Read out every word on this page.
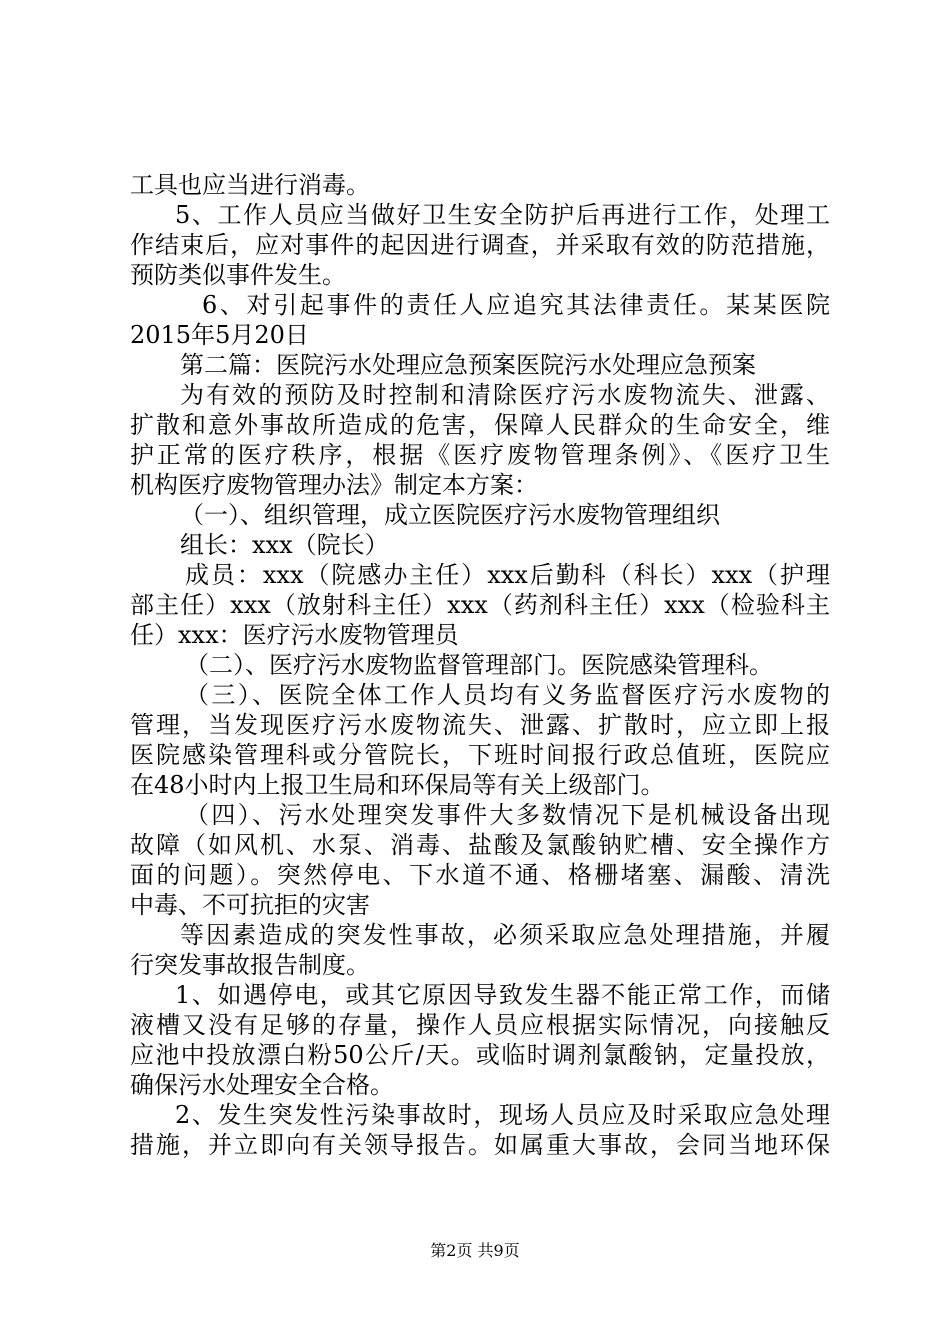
工具也应当进行消毒。
5、工作人员应当做好卫生安全防护后再进行工作，处理工
作结束后，应对事件的起因进行调查，并采取有效的防范措施，
预防类似事件发生。
6、对引起事件的责任人应追究其法律责任。某某医院
2015年5月20日
第二篇：医院污水处理应急预案医院污水处理应急预案
为有效的预防及时控制和清除医疗污水废物流失、泄露、
扩散和意外事故所造成的危害，保障人民群众的生命安全，维
护正常的医疗秩序，根据《医疗废物管理条例》、《医疗卫生
机构医疗废物管理办法》制定本方案：
（一）、组织管理，成立医院医疗污水废物管理组织
组长：xxx（院长）
成员：xxx（院感办主任）xxx后勤科（科长）xxx（护理
部主任）xxx（放射科主任）xxx（药剂科主任）xxx（检验科主
任）xxx：医疗污水废物管理员
（二）、医疗污水废物监督管理部门。医院感染管理科。
（三）、医院全体工作人员均有义务监督医疗污水废物的
管理，当发现医疗污水废物流失、泄露、扩散时，应立即上报
医院感染管理科或分管院长，下班时间报行政总值班，医院应
在48小时内上报卫生局和环保局等有关上级部门。
（四）、污水处理突发事件大多数情况下是机械设备出现
故障（如风机、水泵、消毒、盐酸及氯酸钠贮槽、安全操作方
面的问题）。突然停电、下水道不通、格栅堵塞、漏酸、清洗
中毒、不可抗拒的灾害
等因素造成的突发性事故，必须采取应急处理措施，并履
行突发事故报告制度。
1、如遇停电，或其它原因导致发生器不能正常工作，而储
液槽又没有足够的存量，操作人员应根据实际情况，向接触反
应池中投放漂白粉50公斤/天。或临时调剂氯酸钠，定量投放，
确保污水处理安全合格。
2、发生突发性污染事故时，现场人员应及时采取应急处理
措施，并立即向有关领导报告。如属重大事故，会同当地环保
第2页 共9页
